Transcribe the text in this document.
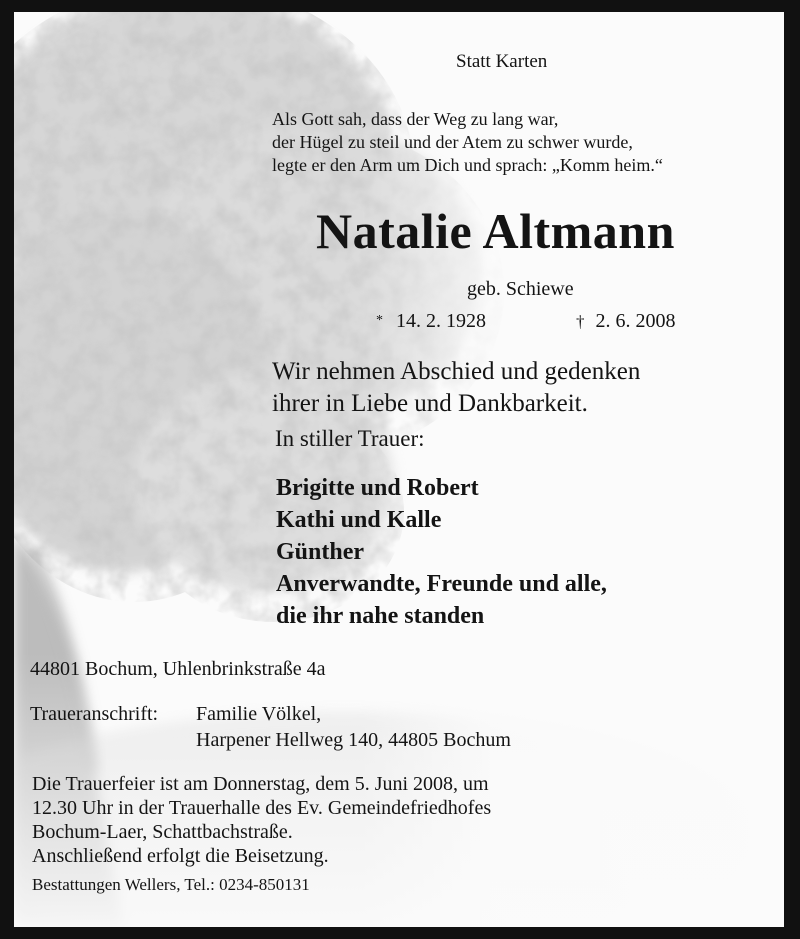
Statt Karten
Als Gott sah, dass der Weg zu lang war,
der Hügel zu steil und der Atem zu schwer wurde,
legte er den Arm um Dich und sprach: „Komm heim.“
Natalie Altmann
geb. Schiewe
* 14. 2. 1928	† 2. 6. 2008
Wir nehmen Abschied und gedenken
ihrer in Liebe und Dankbarkeit.
In stiller Trauer:
Brigitte und Robert
Kathi und Kalle
Günther
Anverwandte, Freunde und alle,
die ihr nahe standen
44801 Bochum, Uhlenbrinkstraße 4a
Traueranschrift: Familie Völkel,
Harpener Hellweg 140, 44805 Bochum
Die Trauerfeier ist am Donnerstag, dem 5. Juni 2008, um
12.30 Uhr in der Trauerhalle des Ev. Gemeindefriedhofes
Bochum-Laer, Schattbachstraße.
Anschließend erfolgt die Beisetzung.
Bestattungen Wellers, Tel.: 0234-850131
